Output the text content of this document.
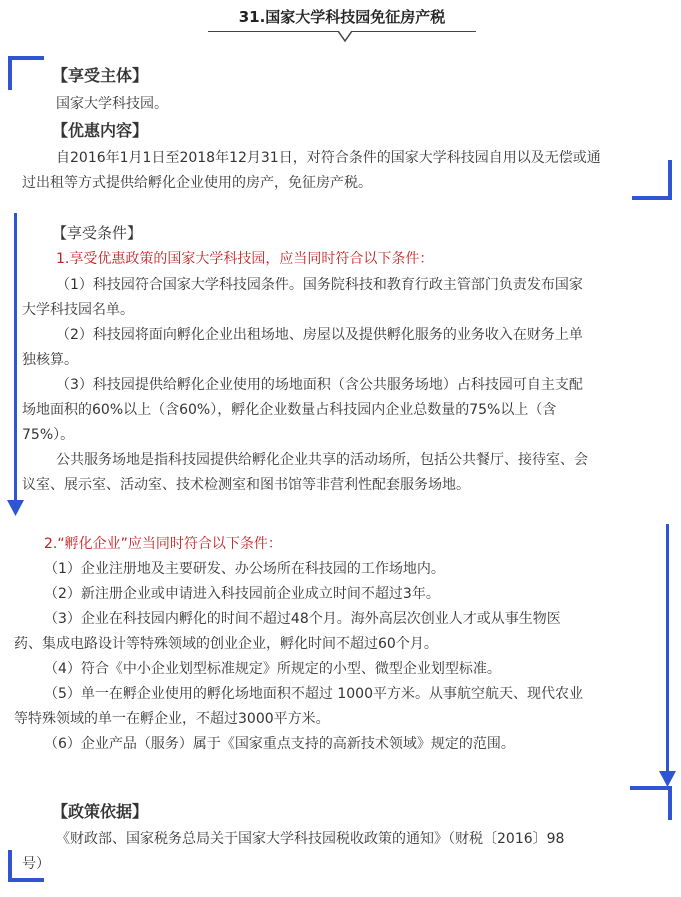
31.国家大学科技园免征房产税
【享受主体】
国家大学科技园。
【优惠内容】
自2016年1月1日至2018年12月31日，对符合条件的国家大学科技园自用以及无偿或通
过出租等方式提供给孵化企业使用的房产，免征房产税。
【享受条件】
1.享受优惠政策的国家大学科技园，应当同时符合以下条件：
（1）科技园符合国家大学科技园条件。国务院科技和教育行政主管部门负责发布国家
大学科技园名单。
（2）科技园将面向孵化企业出租场地、房屋以及提供孵化服务的业务收入在财务上单
独核算。
（3）科技园提供给孵化企业使用的场地面积（含公共服务场地）占科技园可自主支配
场地面积的60%以上（含60%），孵化企业数量占科技园内企业总数量的75%以上（含
75%）。
公共服务场地是指科技园提供给孵化企业共享的活动场所，包括公共餐厅、接待室、会
议室、展示室、活动室、技术检测室和图书馆等非营利性配套服务场地。
2.“孵化企业”应当同时符合以下条件：
（1）企业注册地及主要研发、办公场所在科技园的工作场地内。
（2）新注册企业或申请进入科技园前企业成立时间不超过3年。
（3）企业在科技园内孵化的时间不超过48个月。海外高层次创业人才或从事生物医
药、集成电路设计等特殊领域的创业企业，孵化时间不超过60个月。
（4）符合《中小企业划型标准规定》所规定的小型、微型企业划型标准。
（5）单一在孵企业使用的孵化场地面积不超过 1000平方米。从事航空航天、现代农业
等特殊领域的单一在孵企业，不超过3000平方米。
（6）企业产品（服务）属于《国家重点支持的高新技术领域》规定的范围。
【政策依据】
《财政部、国家税务总局关于国家大学科技园税收政策的通知》（财税〔2016〕98
号）
